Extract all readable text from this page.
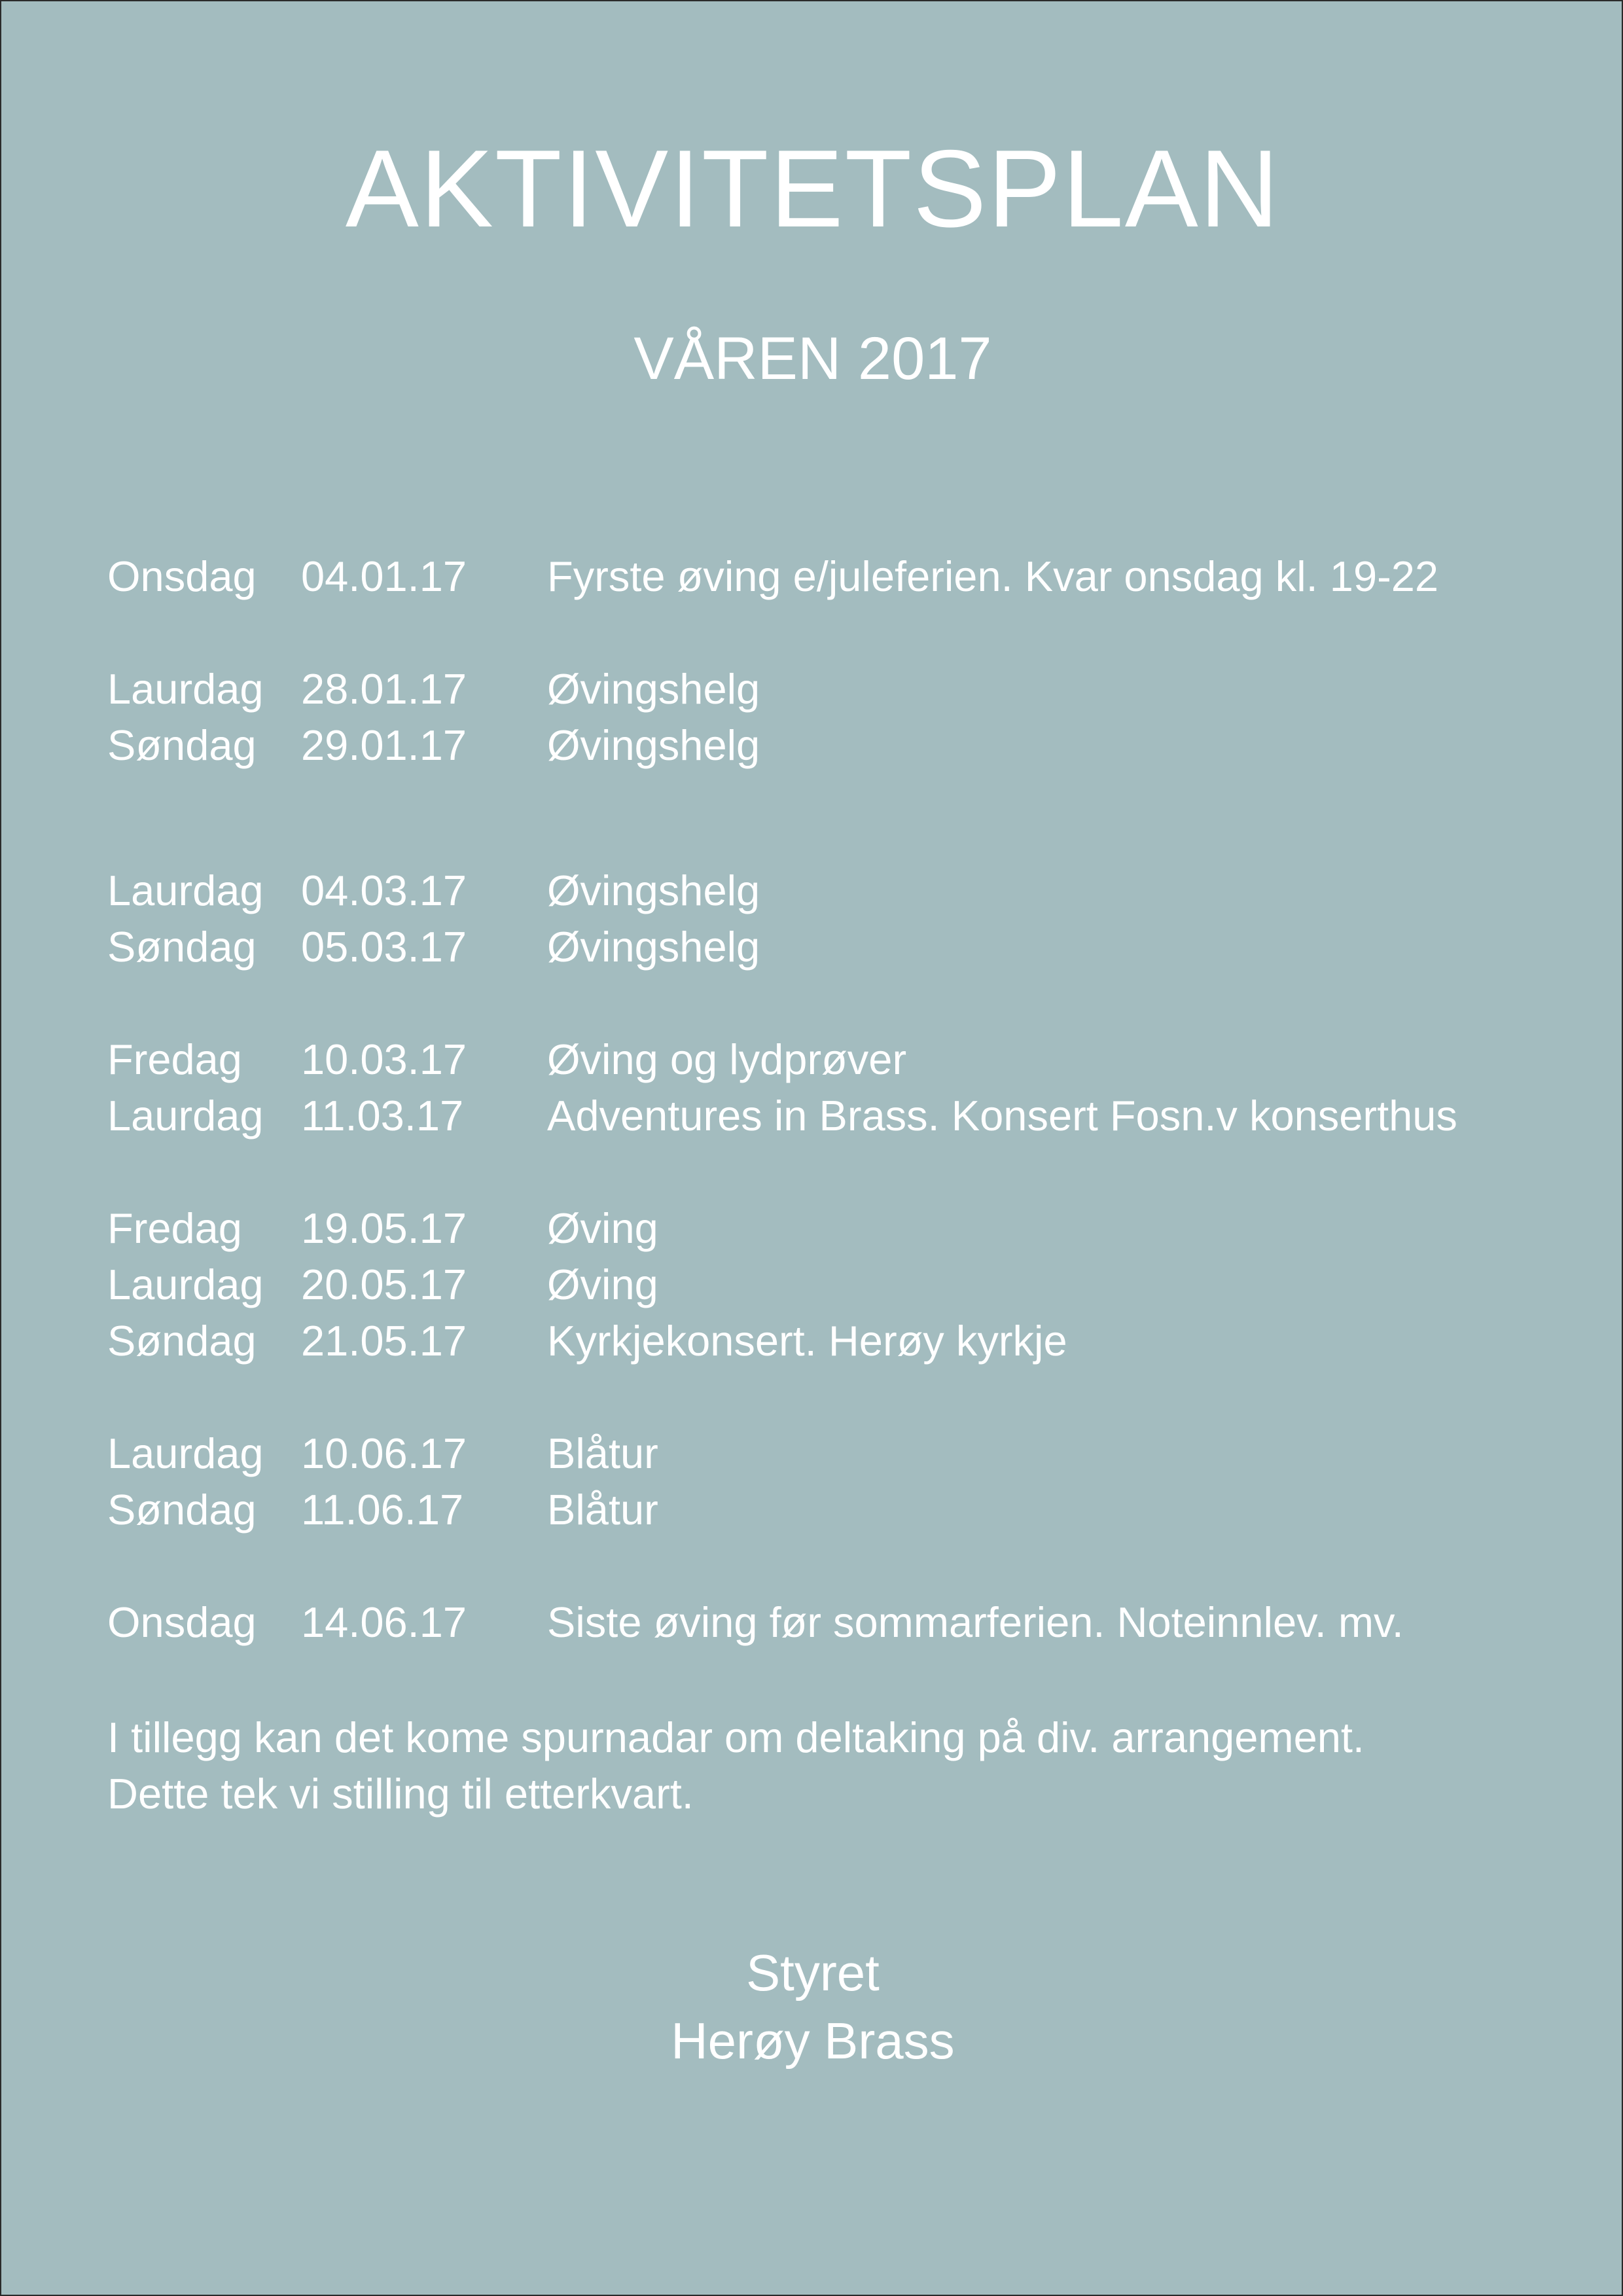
AKTIVITETSPLAN
VÅREN 2017
Onsdag 04.01.17 Fyrste øving e/juleferien. Kvar onsdag kl. 19-22
Laurdag 28.01.17 Øvingshelg
Søndag 29.01.17 Øvingshelg
Laurdag 04.03.17 Øvingshelg
Søndag 05.03.17 Øvingshelg
Fredag 10.03.17 Øving og lydprøver
Laurdag 11.03.17 Adventures in Brass. Konsert Fosn.v konserthus
Fredag 19.05.17 Øving
Laurdag 20.05.17 Øving
Søndag 21.05.17 Kyrkjekonsert. Herøy kyrkje
Laurdag 10.06.17 Blåtur
Søndag 11.06.17 Blåtur
Onsdag 14.06.17 Siste øving før sommarferien. Noteinnlev. mv.
I tillegg kan det kome spurnadar om deltaking på div. arrangement.
Dette tek vi stilling til etterkvart.
Styret
Herøy Brass
